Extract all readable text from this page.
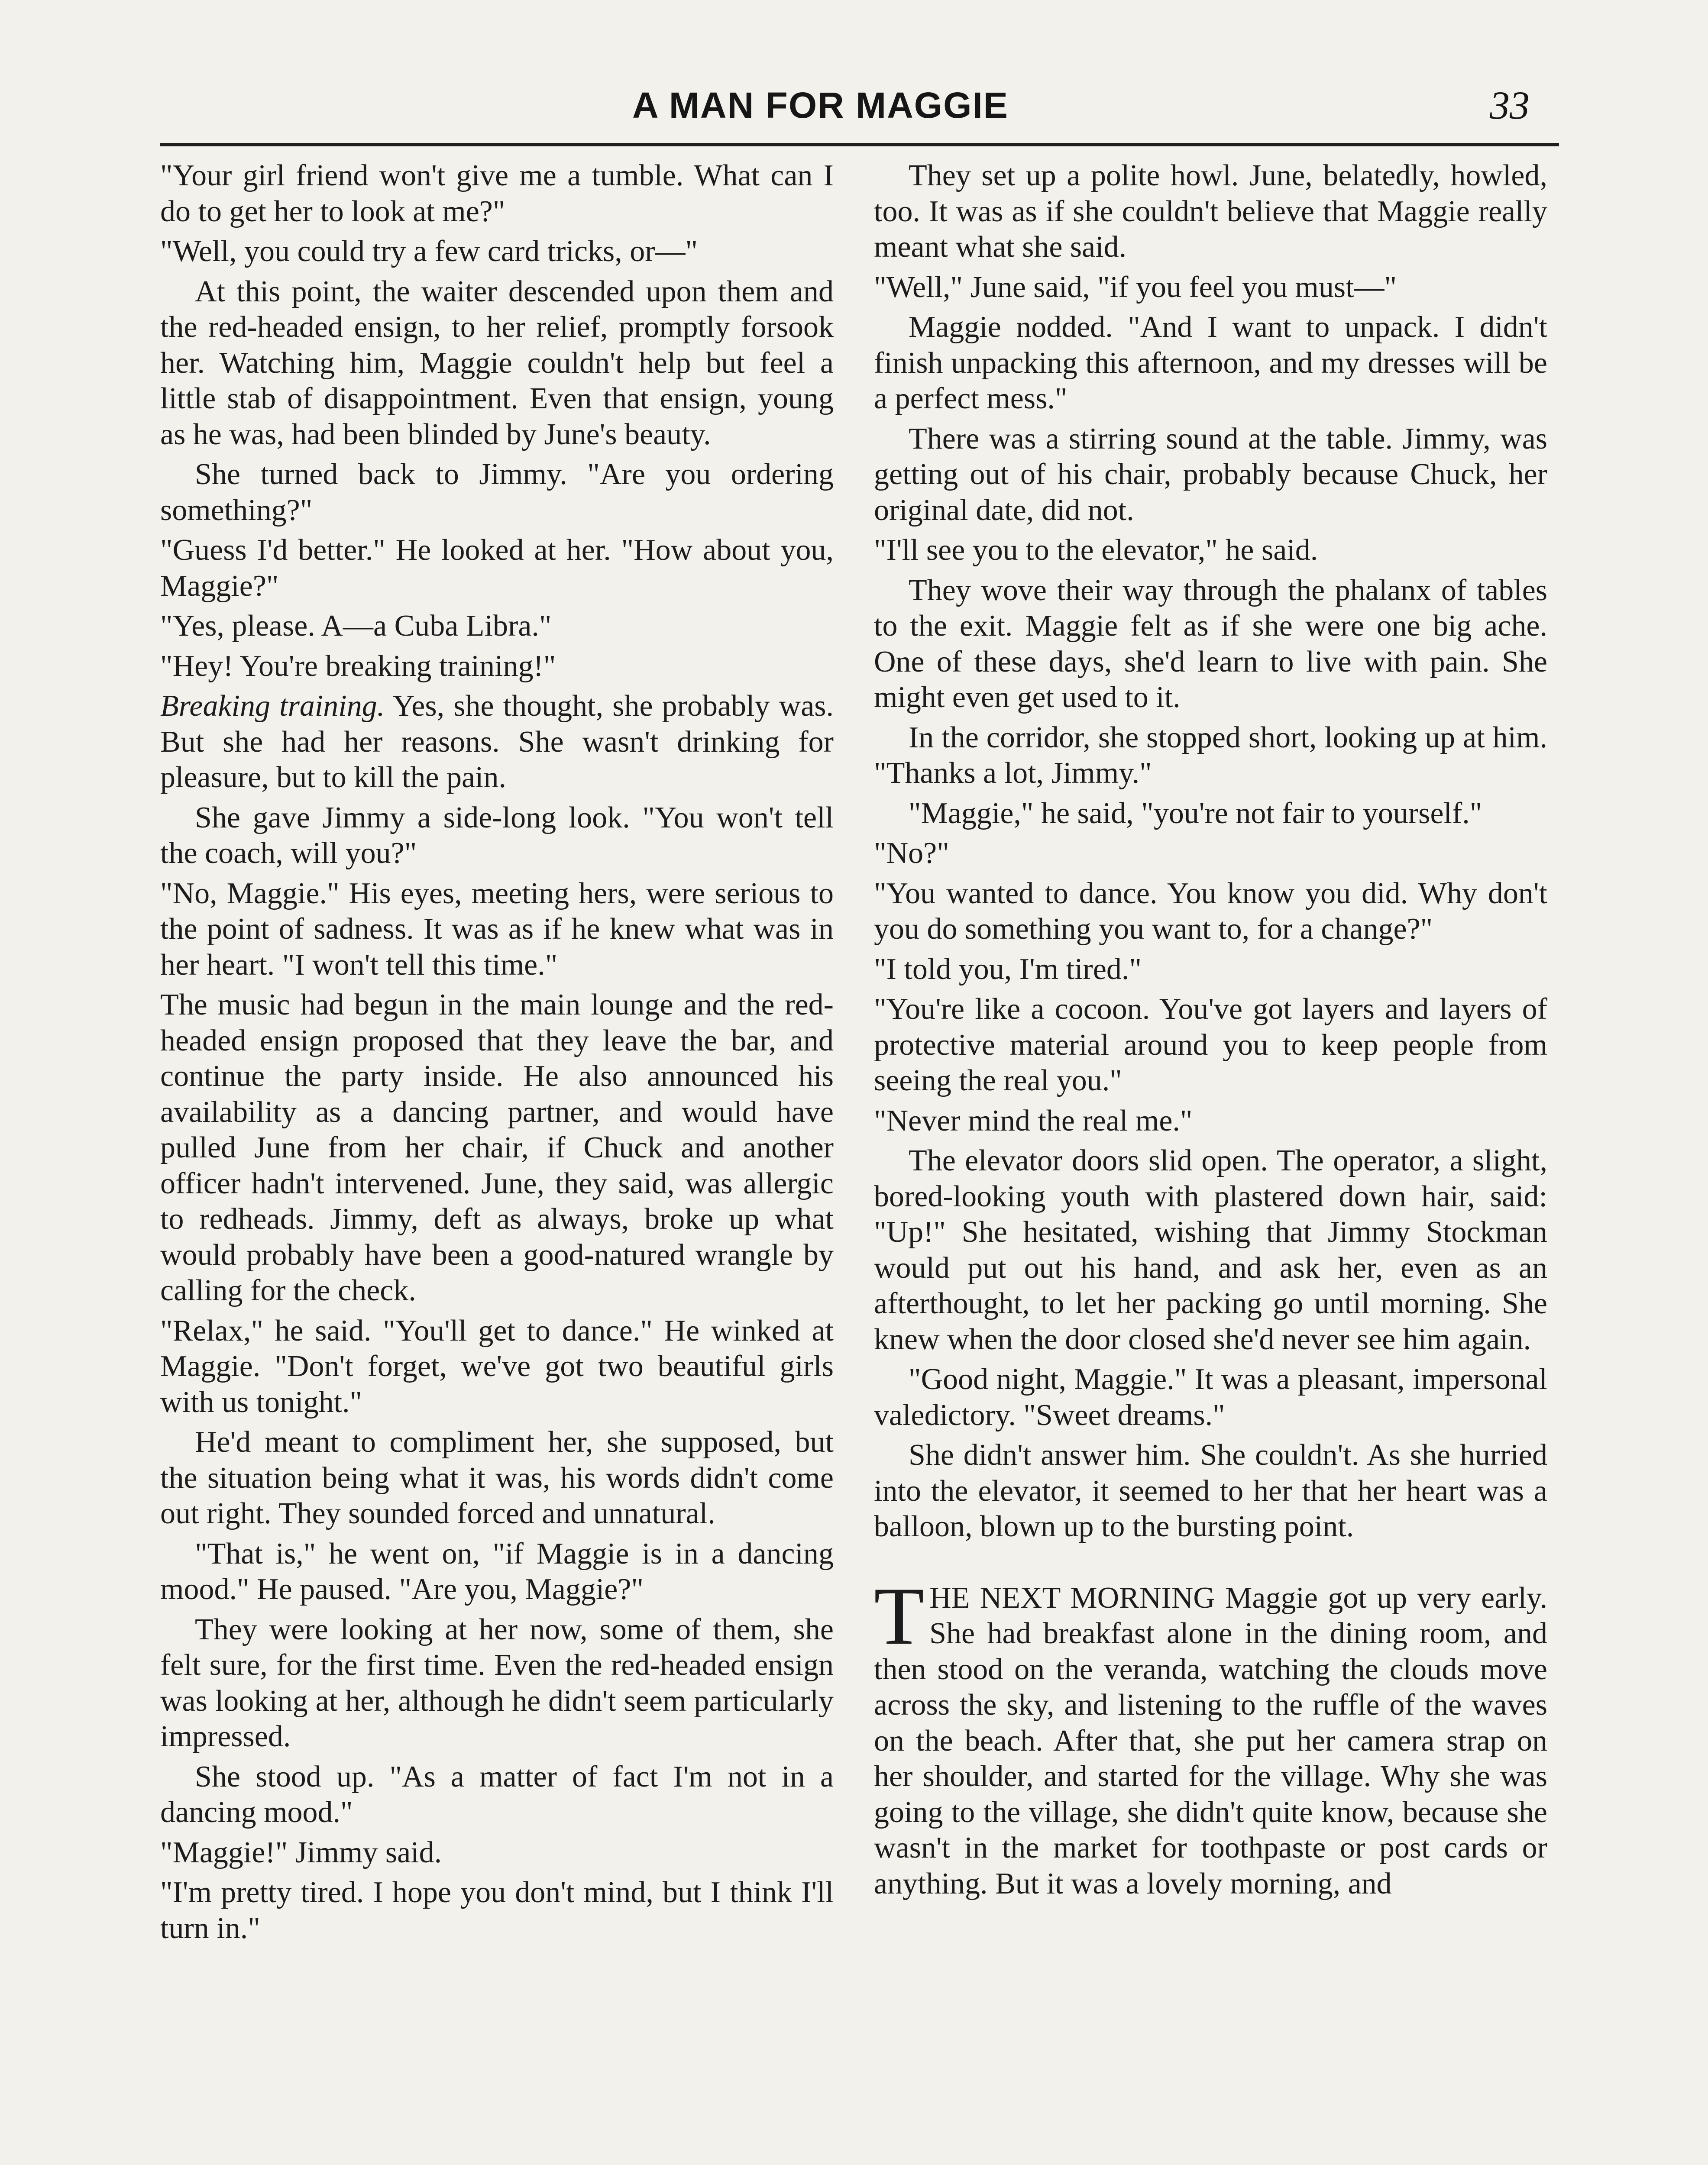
A MAN FOR MAGGIE	33

"Your girl friend won't give me a tumble. What can I do to get her to look at me?"

"Well, you could try a few card tricks, or—"

At this point, the waiter descended upon them and the red-headed ensign, to her relief, promptly forsook her. Watching him, Maggie couldn't help but feel a little stab of disappointment. Even that ensign, young as he was, had been blinded by June's beauty.

She turned back to Jimmy. "Are you ordering something?"

"Guess I'd better." He looked at her. "How about you, Maggie?"

"Yes, please. A—a Cuba Libra."

"Hey! You're breaking training!"

Breaking training. Yes, she thought, she probably was. But she had her reasons. She wasn't drinking for pleasure, but to kill the pain.

She gave Jimmy a side-long look. "You won't tell the coach, will you?"

"No, Maggie." His eyes, meeting hers, were serious to the point of sadness. It was as if he knew what was in her heart. "I won't tell this time."

The music had begun in the main lounge and the red-headed ensign proposed that they leave the bar, and continue the party inside. He also announced his availability as a dancing partner, and would have pulled June from her chair, if Chuck and another officer hadn't intervened. June, they said, was allergic to redheads. Jimmy, deft as always, broke up what would probably have been a good-natured wrangle by calling for the check.

"Relax," he said. "You'll get to dance." He winked at Maggie. "Don't forget, we've got two beautiful girls with us tonight."

He'd meant to compliment her, she supposed, but the situation being what it was, his words didn't come out right. They sounded forced and unnatural.

"That is," he went on, "if Maggie is in a dancing mood." He paused. "Are you, Maggie?"

They were looking at her now, some of them, she felt sure, for the first time. Even the red-headed ensign was looking at her, although he didn't seem particularly impressed.

She stood up. "As a matter of fact I'm not in a dancing mood."

"Maggie!" Jimmy said.

"I'm pretty tired. I hope you don't mind, but I think I'll turn in."

They set up a polite howl. June, belatedly, howled, too. It was as if she couldn't believe that Maggie really meant what she said.

"Well," June said, "if you feel you must—"

Maggie nodded. "And I want to unpack. I didn't finish unpacking this afternoon, and my dresses will be a perfect mess."

There was a stirring sound at the table. Jimmy, was getting out of his chair, probably because Chuck, her original date, did not.

"I'll see you to the elevator," he said.

They wove their way through the phalanx of tables to the exit. Maggie felt as if she were one big ache. One of these days, she'd learn to live with pain. She might even get used to it.

In the corridor, she stopped short, looking up at him. "Thanks a lot, Jimmy."

"Maggie," he said, "you're not fair to yourself."

"No?"

"You wanted to dance. You know you did. Why don't you do something you want to, for a change?"

"I told you, I'm tired."

"You're like a cocoon. You've got layers and layers of protective material around you to keep people from seeing the real you."

"Never mind the real me."

The elevator doors slid open. The operator, a slight, bored-looking youth with plastered down hair, said: "Up!" She hesitated, wishing that Jimmy Stockman would put out his hand, and ask her, even as an afterthought, to let her packing go until morning. She knew when the door closed she'd never see him again.

"Good night, Maggie." It was a pleasant, impersonal valedictory. "Sweet dreams."

She didn't answer him. She couldn't. As she hurried into the elevator, it seemed to her that her heart was a balloon, blown up to the bursting point.

THE NEXT MORNING Maggie got up very early. She had breakfast alone in the dining room, and then stood on the veranda, watching the clouds move across the sky, and listening to the ruffle of the waves on the beach. After that, she put her camera strap on her shoulder, and started for the village. Why she was going to the village, she didn't quite know, because she wasn't in the market for toothpaste or post cards or anything. But it was a lovely morning, and
